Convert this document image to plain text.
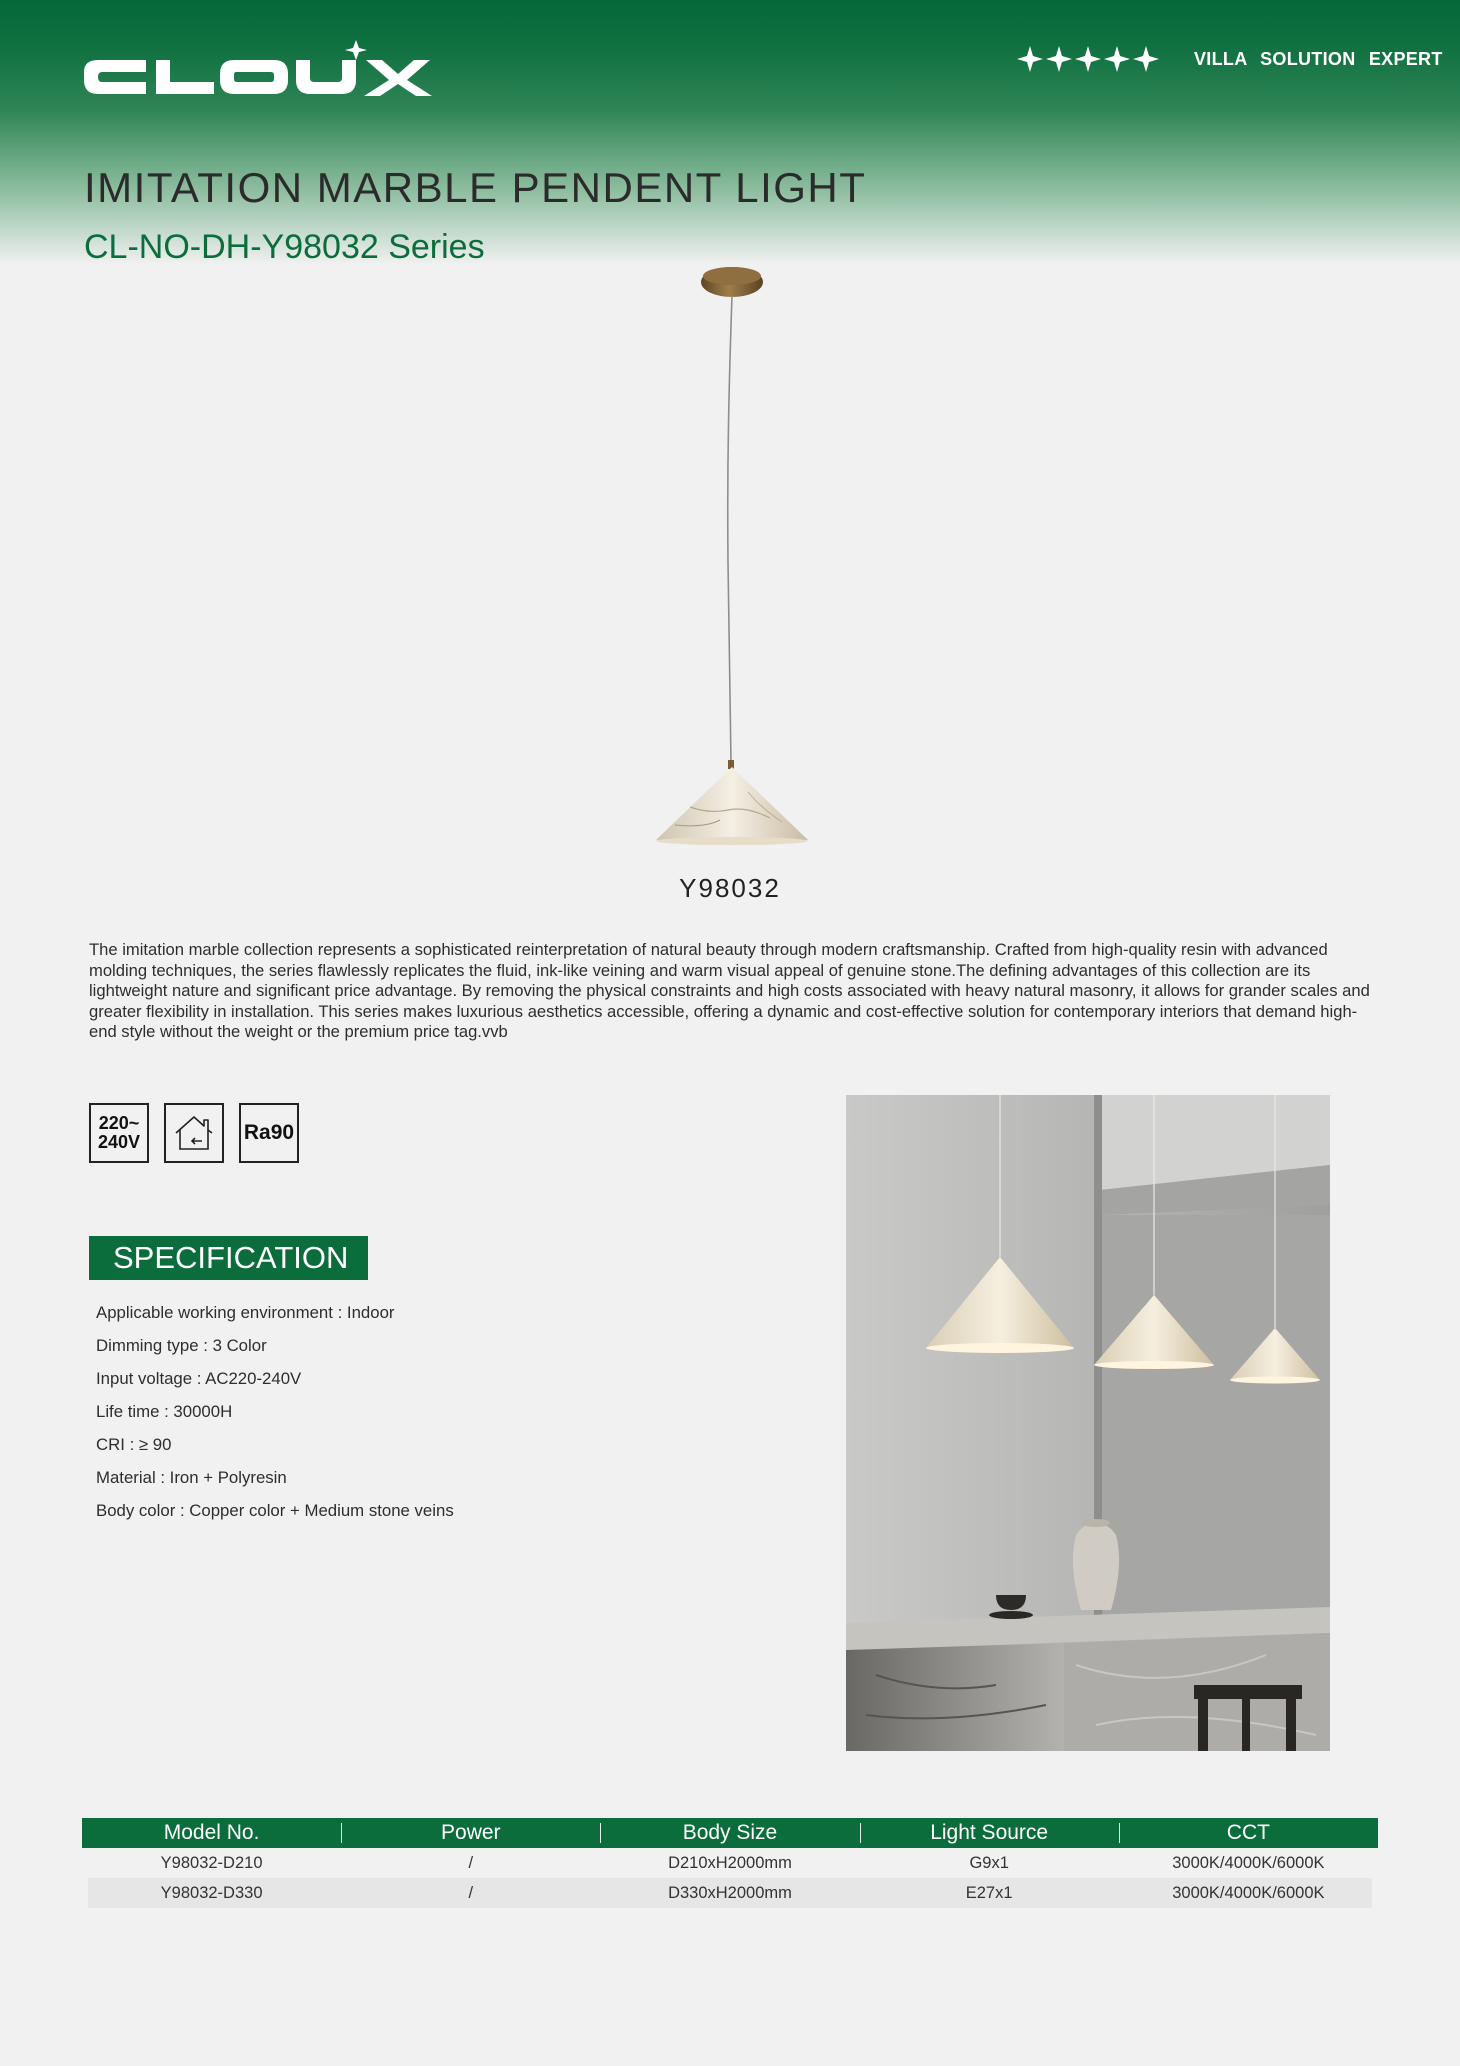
VILLA SOLUTION EXPERT
IMITATION MARBLE PENDENT LIGHT
CL-NO-DH-Y98032 Series
Y98032

The imitation marble collection represents a sophisticated reinterpretation of natural beauty through modern craftsmanship. Crafted from high-quality resin with advanced molding techniques, the series flawlessly replicates the fluid, ink-like veining and warm visual appeal of genuine stone.The defining advantages of this collection are its lightweight nature and significant price advantage. By removing the physical constraints and high costs associated with heavy natural masonry, it allows for grander scales and greater flexibility in installation. This series makes luxurious aesthetics accessible, offering a dynamic and cost-effective solution for contemporary interiors that demand high-end style without the weight or the premium price tag.vvb

220~
240V	Ra90
SPECIFICATION
Applicable working environment : Indoor
Dimming type : 3 Color
Input voltage : AC220-240V
Life time : 30000H
CRI : ≥ 90
Material : Iron + Polyresin
Body color : Copper color + Medium stone veins
Model No.	Power	Body Size	Light Source	CCT
Y98032-D210	/	D210xH2000mm	G9x1	3000K/4000K/6000K
Y98032-D330	/	D330xH2000mm	E27x1	3000K/4000K/6000K
